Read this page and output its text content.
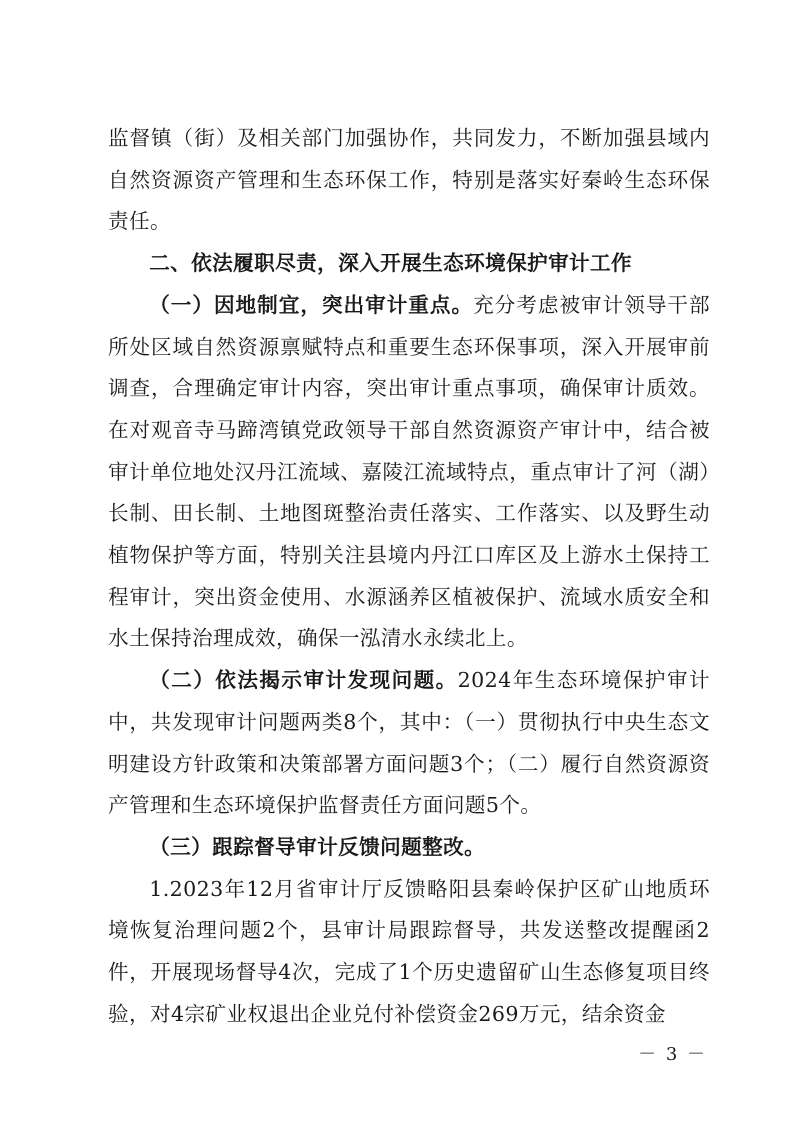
监督镇（街）及相关部门加强协作，共同发力，不断加强县域内自然资源资产管理和生态环保工作，特别是落实好秦岭生态环保责任。

二、依法履职尽责，深入开展生态环境保护审计工作

（一）因地制宜，突出审计重点。充分考虑被审计领导干部所处区域自然资源禀赋特点和重要生态环保事项，深入开展审前调查，合理确定审计内容，突出审计重点事项，确保审计质效。在对观音寺马蹄湾镇党政领导干部自然资源资产审计中，结合被审计单位地处汉丹江流域、嘉陵江流域特点，重点审计了河（湖）长制、田长制、土地图斑整治责任落实、工作落实、以及野生动植物保护等方面，特别关注县境内丹江口库区及上游水土保持工程审计，突出资金使用、水源涵养区植被保护、流域水质安全和水土保持治理成效，确保一泓清水永续北上。

（二）依法揭示审计发现问题。2024年生态环境保护审计中，共发现审计问题两类8个，其中：（一）贯彻执行中央生态文明建设方针政策和决策部署方面问题3个；（二）履行自然资源资产管理和生态环境保护监督责任方面问题5个。

（三）跟踪督导审计反馈问题整改。

1.2023年12月省审计厅反馈略阳县秦岭保护区矿山地质环境恢复治理问题2个，县审计局跟踪督导，共发送整改提醒函2件，开展现场督导4次，完成了1个历史遗留矿山生态修复项目终验，对4宗矿业权退出企业兑付补偿资金269万元，结余资金

－ 3 －
